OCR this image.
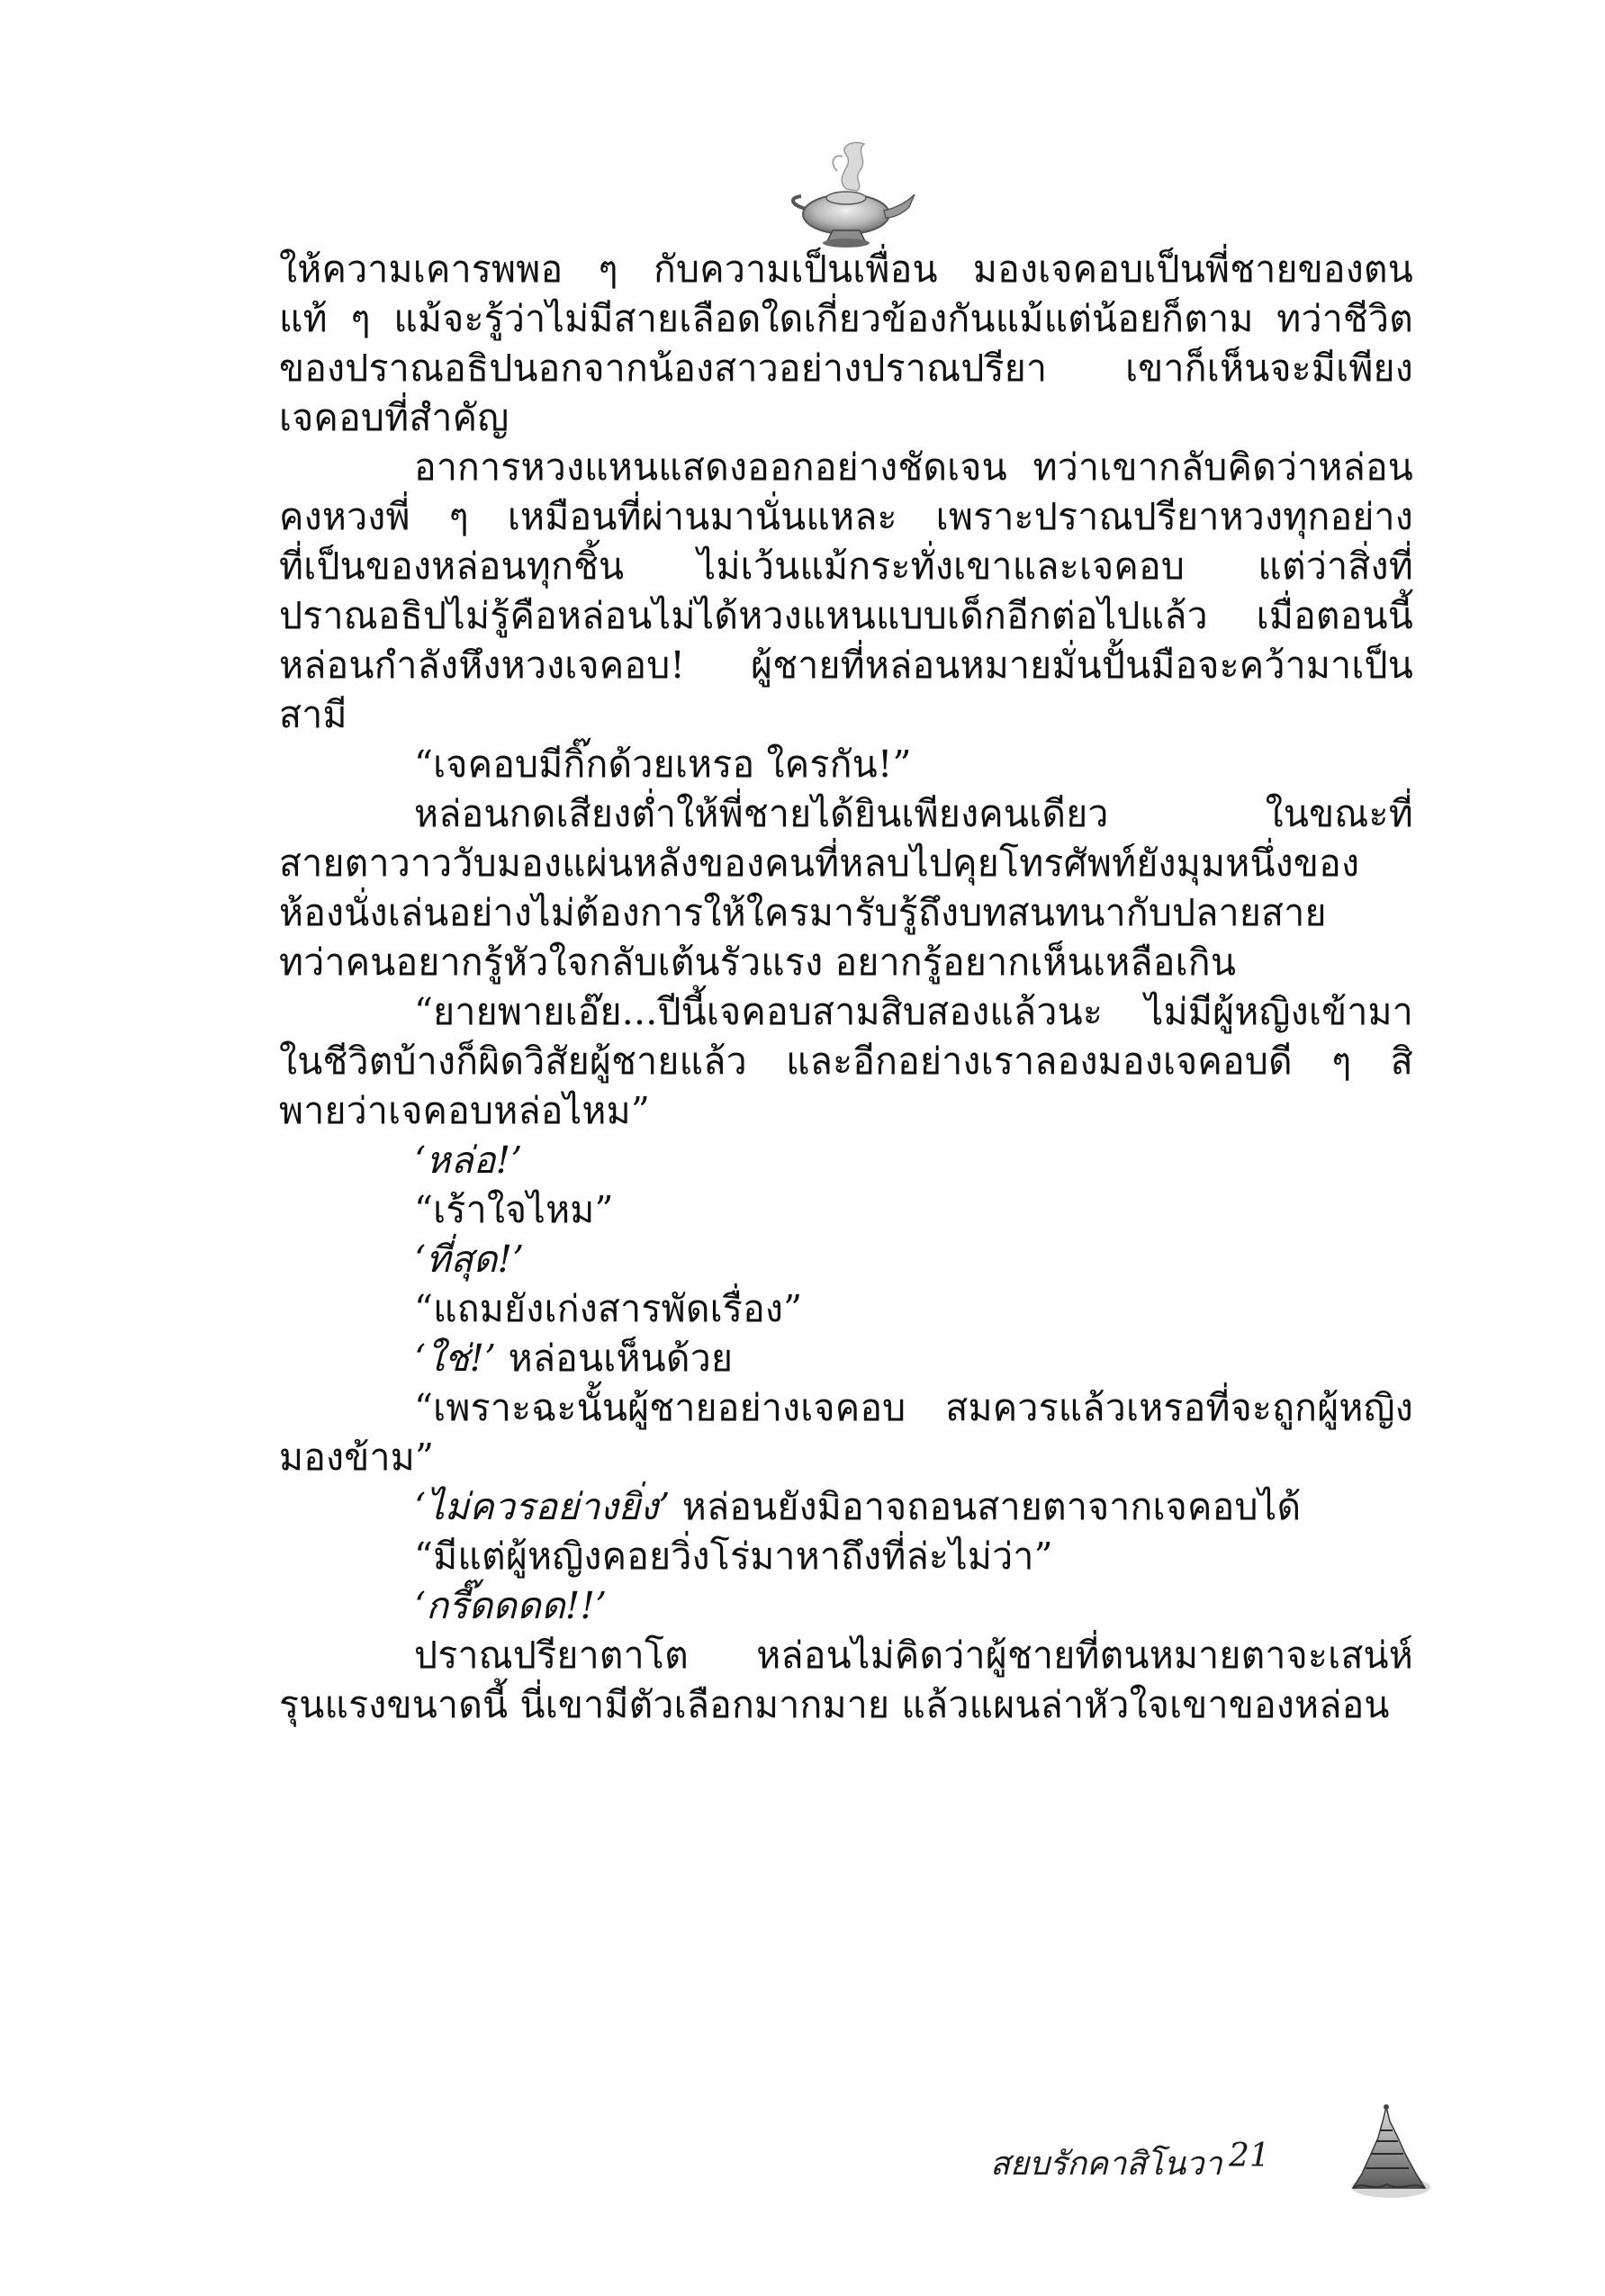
ให้ความเคารพพอ ๆ กับความเป็นเพื่อน มองเจคอบเป็นพี่ชายของตน
แท้ ๆ แม้จะรู้ว่าไม่มีสายเลือดใดเกี่ยวข้องกันแม้แต่น้อยก็ตาม ทว่าชีวิต
ของปราณอธิปนอกจากน้องสาวอย่างปราณปรียา เขาก็เห็นจะมีเพียง
เจคอบที่สำคัญ
อาการหวงแหนแสดงออกอย่างชัดเจน ทว่าเขากลับคิดว่าหล่อน
คงหวงพี่ ๆ เหมือนที่ผ่านมานั่นแหละ เพราะปราณปรียาหวงทุกอย่าง
ที่เป็นของหล่อนทุกชิ้น ไม่เว้นแม้กระทั่งเขาและเจคอบ แต่ว่าสิ่งที่
ปราณอธิปไม่รู้คือหล่อนไม่ได้หวงแหนแบบเด็กอีกต่อไปแล้ว เมื่อตอนนี้
หล่อนกำลังหึงหวงเจคอบ! ผู้ชายที่หล่อนหมายมั่นปั้นมือจะคว้ามาเป็น
สามี
“เจคอบมีกิ๊กด้วยเหรอ ใครกัน!”
หล่อนกดเสียงต่ำให้พี่ชายได้ยินเพียงคนเดียว ในขณะที่
สายตาวาววับมองแผ่นหลังของคนที่หลบไปคุยโทรศัพท์ยังมุมหนึ่งของ
ห้องนั่งเล่นอย่างไม่ต้องการให้ใครมารับรู้ถึงบทสนทนากับปลายสาย
ทว่าคนอยากรู้หัวใจกลับเต้นรัวแรง อยากรู้อยากเห็นเหลือเกิน
“ยายพายเอ๊ย...ปีนี้เจคอบสามสิบสองแล้วนะ ไม่มีผู้หญิงเข้ามา
ในชีวิตบ้างก็ผิดวิสัยผู้ชายแล้ว และอีกอย่างเราลองมองเจคอบดี ๆ สิ
พายว่าเจคอบหล่อไหม”
‘หล่อ!’
“เร้าใจไหม”
‘ที่สุด!’
“แถมยังเก่งสารพัดเรื่อง”
‘ใช่!’ หล่อนเห็นด้วย
“เพราะฉะนั้นผู้ชายอย่างเจคอบ สมควรแล้วเหรอที่จะถูกผู้หญิง
มองข้าม”
‘ไม่ควรอย่างยิ่ง’ หล่อนยังมิอาจถอนสายตาจากเจคอบได้
“มีแต่ผู้หญิงคอยวิ่งโร่มาหาถึงที่ล่ะไม่ว่า”
‘กรี๊ดดดด!!’
ปราณปรียาตาโต หล่อนไม่คิดว่าผู้ชายที่ตนหมายตาจะเสน่ห์
รุนแรงขนาดนี้ นี่เขามีตัวเลือกมากมาย แล้วแผนล่าหัวใจเขาของหล่อน
สยบรักคาสิโนวา 21
